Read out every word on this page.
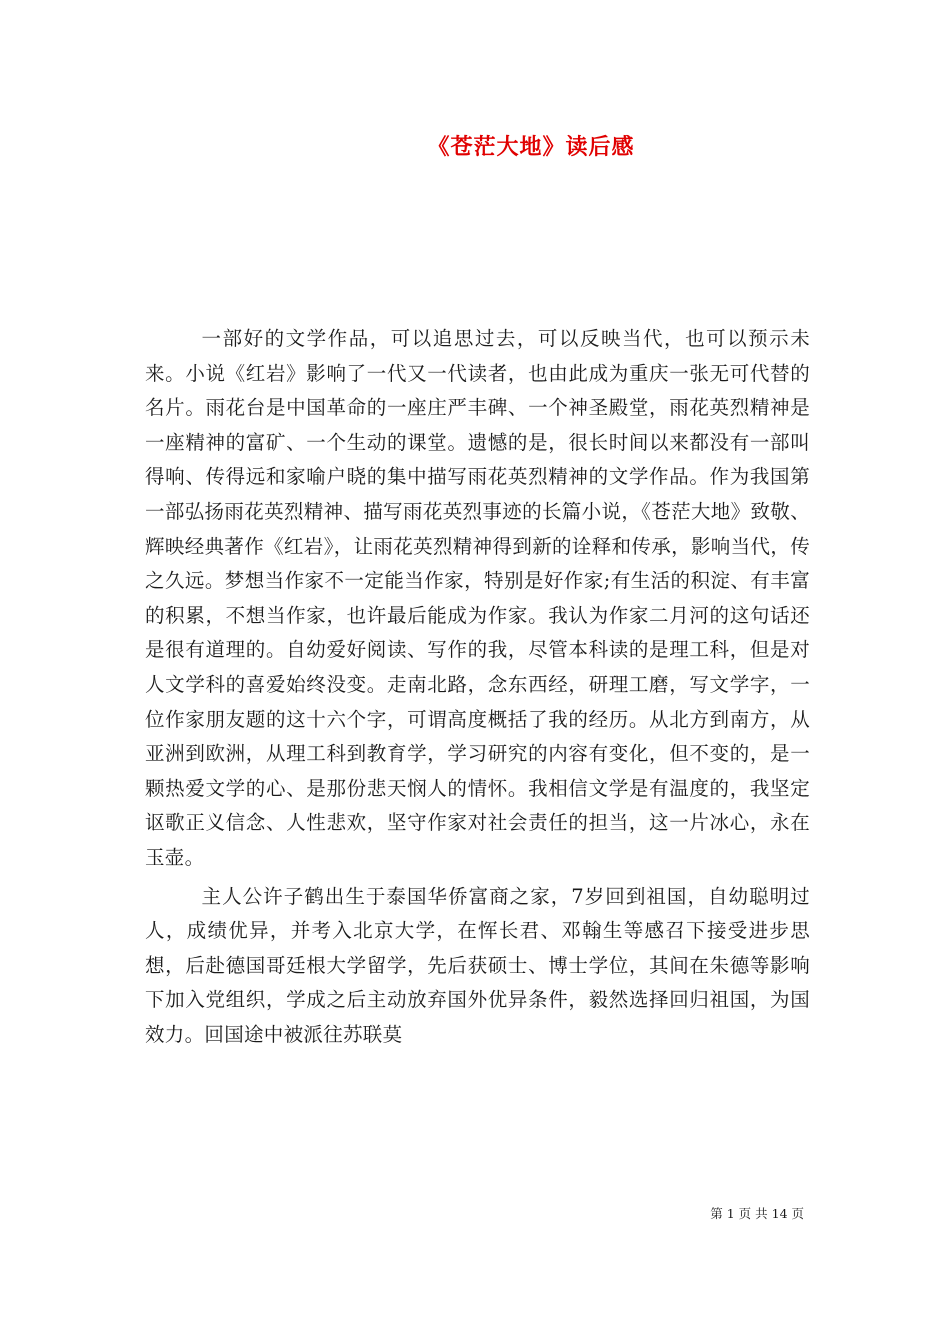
《苍茫大地》读后感

一部好的文学作品，可以追思过去，可以反映当代，也可以预示未来。小说《红岩》影响了一代又一代读者，也由此成为重庆一张无可代替的名片。雨花台是中国革命的一座庄严丰碑、一个神圣殿堂，雨花英烈精神是一座精神的富矿、一个生动的课堂。遗憾的是，很长时间以来都没有一部叫得响、传得远和家喻户晓的集中描写雨花英烈精神的文学作品。作为我国第一部弘扬雨花英烈精神、描写雨花英烈事迹的长篇小说，《苍茫大地》致敬、辉映经典著作《红岩》，让雨花英烈精神得到新的诠释和传承，影响当代，传之久远。梦想当作家不一定能当作家，特别是好作家;有生活的积淀、有丰富的积累，不想当作家，也许最后能成为作家。我认为作家二月河的这句话还是很有道理的。自幼爱好阅读、写作的我，尽管本科读的是理工科，但是对人文学科的喜爱始终没变。走南北路，念东西经，研理工磨，写文学字，一位作家朋友题的这十六个字，可谓高度概括了我的经历。从北方到南方，从亚洲到欧洲，从理工科到教育学，学习研究的内容有变化，但不变的，是一颗热爱文学的心、是那份悲天悯人的情怀。我相信文学是有温度的，我坚定讴歌正义信念、人性悲欢，坚守作家对社会责任的担当，这一片冰心，永在玉壶。

主人公许子鹤出生于泰国华侨富商之家，7岁回到祖国，自幼聪明过人，成绩优异，并考入北京大学，在恽长君、邓翰生等感召下接受进步思想，后赴德国哥廷根大学留学，先后获硕士、博士学位，其间在朱德等影响下加入党组织，学成之后主动放弃国外优异条件，毅然选择回归祖国，为国效力。回国途中被派往苏联莫

第 1 页 共 14 页
